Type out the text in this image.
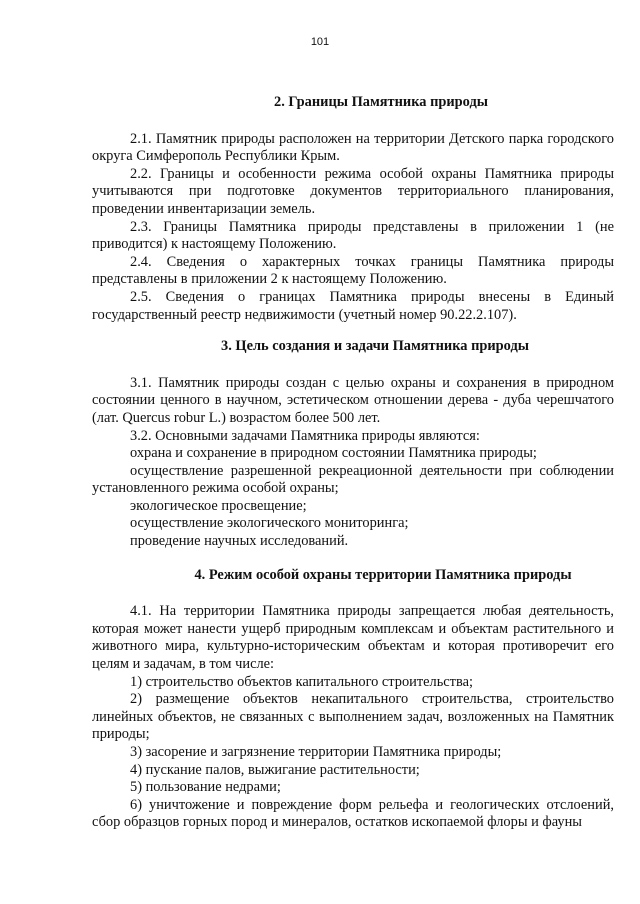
101
2. Границы Памятника природы

2.1. Памятник природы расположен на территории Детского парка городского округа Симферополь Республики Крым.

2.2. Границы и особенности режима особой охраны Памятника природы учитываются при подготовке документов территориального планирования, проведении инвентаризации земель.

2.3. Границы Памятника природы представлены в приложении 1 (не приводится) к настоящему Положению.

2.4. Сведения о характерных точках границы Памятника природы представлены в приложении 2 к настоящему Положению.

2.5. Сведения о границах Памятника природы внесены в Единый государственный реестр недвижимости (учетный номер 90.22.2.107).

3. Цель создания и задачи Памятника природы

3.1. Памятник природы создан с целью охраны и сохранения в природном состоянии ценного в научном, эстетическом отношении дерева - дуба черешчатого (лат. Quercus robur L.) возрастом более 500 лет.

3.2. Основными задачами Памятника природы являются:

охрана и сохранение в природном состоянии Памятника природы;

осуществление разрешенной рекреационной деятельности при соблюдении установленного режима особой охраны;

экологическое просвещение;

осуществление экологического мониторинга;

проведение научных исследований.

4. Режим особой охраны территории Памятника природы

4.1. На территории Памятника природы запрещается любая деятельность, которая может нанести ущерб природным комплексам и объектам растительного и животного мира, культурно-историческим объектам и которая противоречит его целям и задачам, в том числе:

1) строительство объектов капитального строительства;

2) размещение объектов некапитального строительства, строительство линейных объектов, не связанных с выполнением задач, возложенных на Памятник природы;

3) засорение и загрязнение территории Памятника природы;

4) пускание палов, выжигание растительности;

5) пользование недрами;

6) уничтожение и повреждение форм рельефа и геологических отслоений, сбор образцов горных пород и минералов, остатков ископаемой флоры и фауны
